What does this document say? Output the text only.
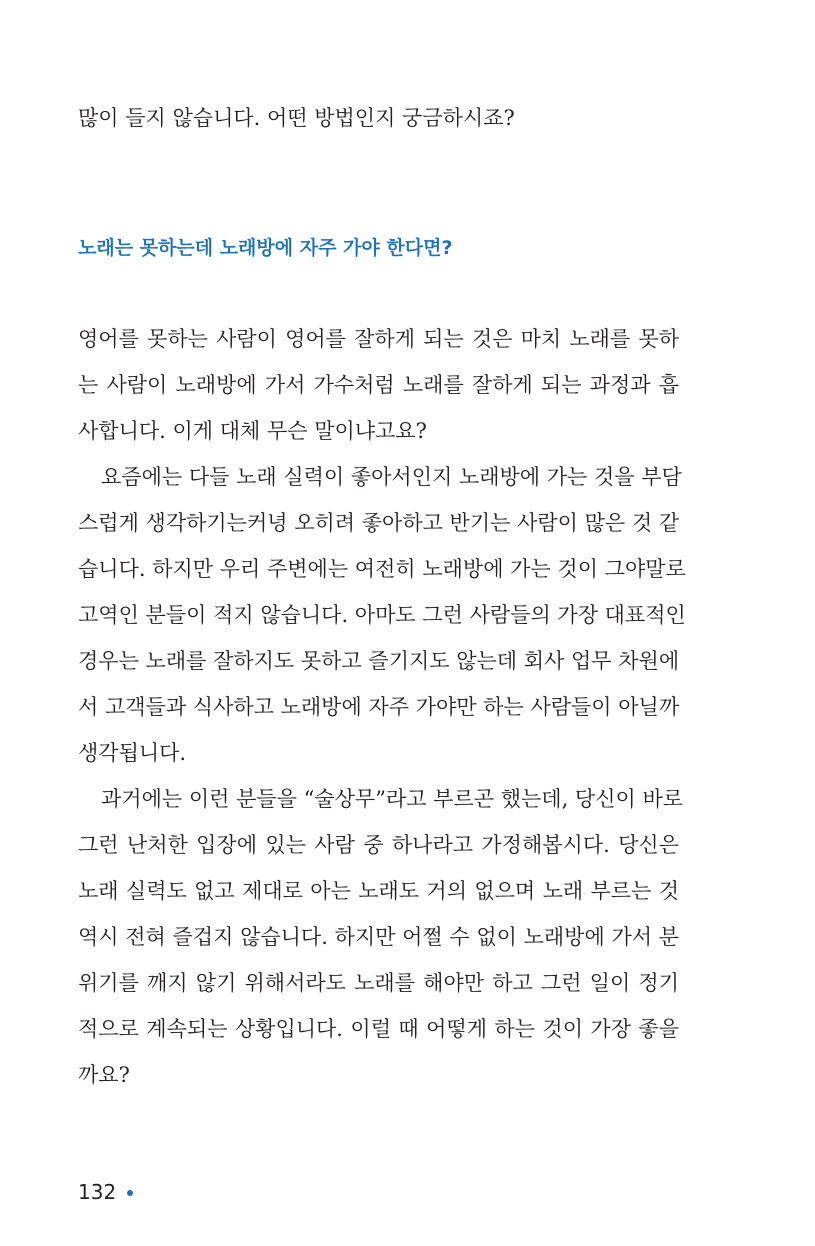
많이 들지 않습니다. 어떤 방법인지 궁금하시죠?
노래는 못하는데 노래방에 자주 가야 한다면?
영어를 못하는 사람이 영어를 잘하게 되는 것은 마치 노래를 못하
는 사람이 노래방에 가서 가수처럼 노래를 잘하게 되는 과정과 흡
사합니다. 이게 대체 무슨 말이냐고요?
요즘에는 다들 노래 실력이 좋아서인지 노래방에 가는 것을 부담
스럽게 생각하기는커녕 오히려 좋아하고 반기는 사람이 많은 것 같
습니다. 하지만 우리 주변에는 여전히 노래방에 가는 것이 그야말로
고역인 분들이 적지 않습니다. 아마도 그런 사람들의 가장 대표적인
경우는 노래를 잘하지도 못하고 즐기지도 않는데 회사 업무 차원에
서 고객들과 식사하고 노래방에 자주 가야만 하는 사람들이 아닐까
생각됩니다.
과거에는 이런 분들을 “술상무”라고 부르곤 했는데, 당신이 바로
그런 난처한 입장에 있는 사람 중 하나라고 가정해봅시다. 당신은
노래 실력도 없고 제대로 아는 노래도 거의 없으며 노래 부르는 것
역시 전혀 즐겁지 않습니다. 하지만 어쩔 수 없이 노래방에 가서 분
위기를 깨지 않기 위해서라도 노래를 해야만 하고 그런 일이 정기
적으로 계속되는 상황입니다. 이럴 때 어떻게 하는 것이 가장 좋을
까요?
132
